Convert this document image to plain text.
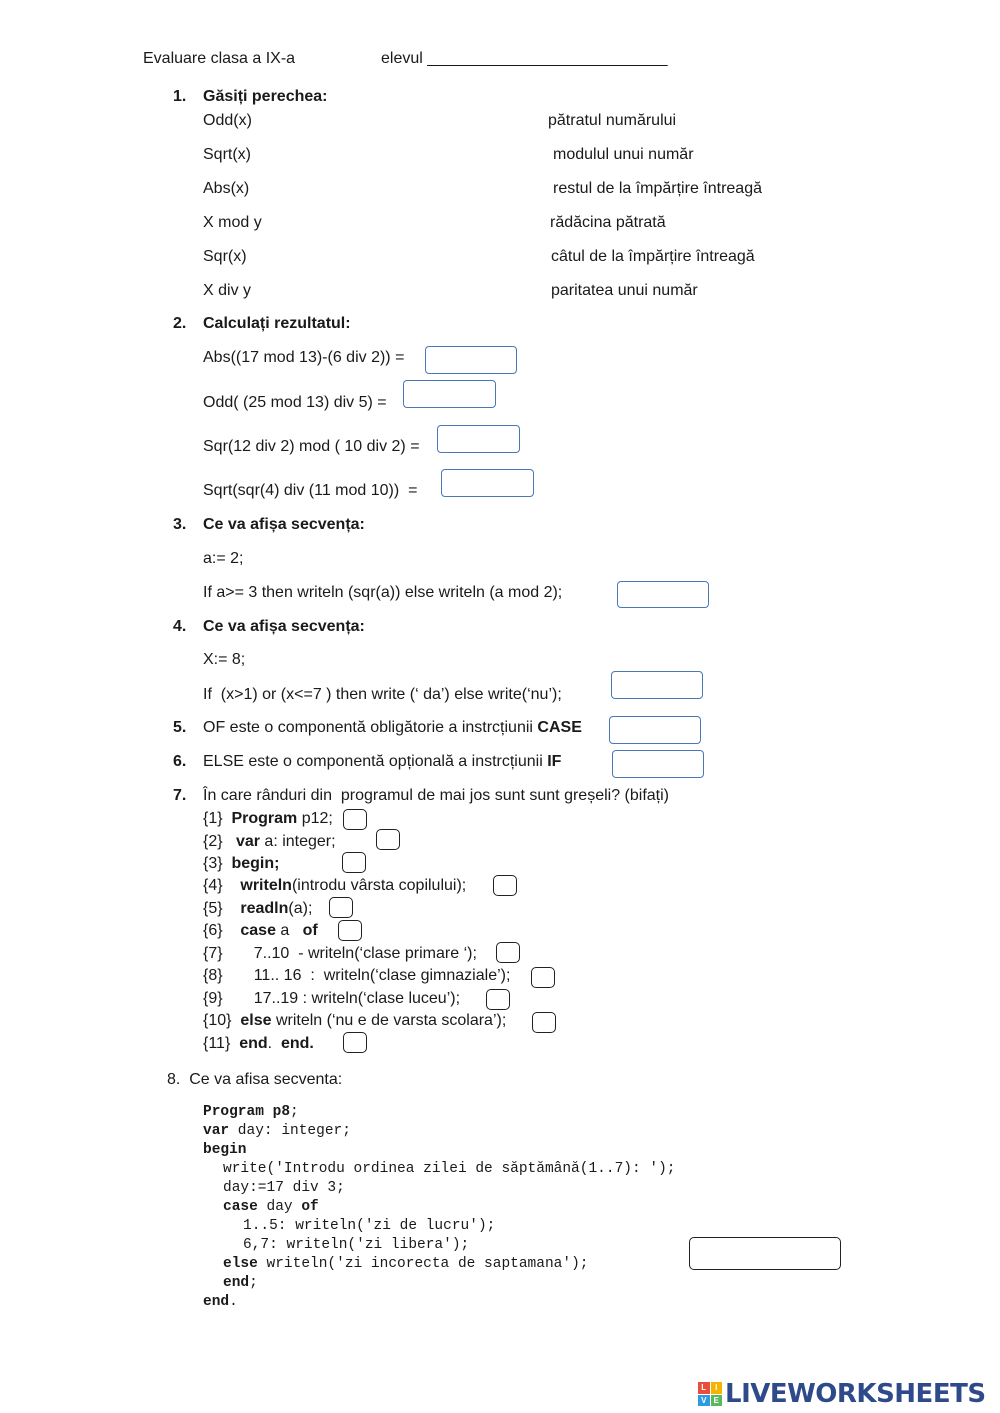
Evaluare clasa a IX-a	elevul ___________________________
1. Găsiți perechea:
Odd(x)
Sqrt(x)
Abs(x)
X mod y
Sqr(x)
X div y
pătratul numărului
modulul unui număr
restul de la împărțire întreagă
rădăcina pătrată
câtul de la împărțire întreagă
paritatea unui număr
2. Calculați rezultatul:
Abs((17 mod 13)-(6 div 2)) =
Odd( (25 mod 13) div 5) =
Sqr(12 div 2) mod ( 10 div 2) =
Sqrt(sqr(4) div (11 mod 10))  =
3. Ce va afișa secvența:
a:= 2;
If a>= 3 then writeln (sqr(a)) else writeln (a mod 2);
4. Ce va afișa secvența:
X:= 8;
If  (x>1) or (x<=7 ) then write (‘ da’) else write(‘nu’);
5. OF este o componentă obligătorie a instrcțiunii CASE
6. ELSE este o componentă opțională a instrcțiunii IF
7. În care rânduri din  programul de mai jos sunt sunt greșeli? (bifați)
{1} Program p12;
{2} var a: integer;
{3} begin;
{4} writeln(introdu vârsta copilului);
{5} readln(a);
{6} case a   of
{7} 7..10  - writeln(‘clase primare ‘);
{8} 11.. 16  :  writeln(‘clase gimnaziale’);
{9} 17..19 : writeln(‘clase luceu’);
{10} else writeln (‘nu e de varsta scolara’);
{11} end.  end.
8.  Ce va afisa secventa:
Program p8;
var day: integer;
begin
write('Introdu ordinea zilei de săptămână(1..7): ');
day:=17 div 3;
case day of
1..5: writeln('zi de lucru');
6,7: writeln('zi libera');
else writeln('zi incorecta de saptamana');
end;
end.
L	I
V E LIVEWORKSHEETS
